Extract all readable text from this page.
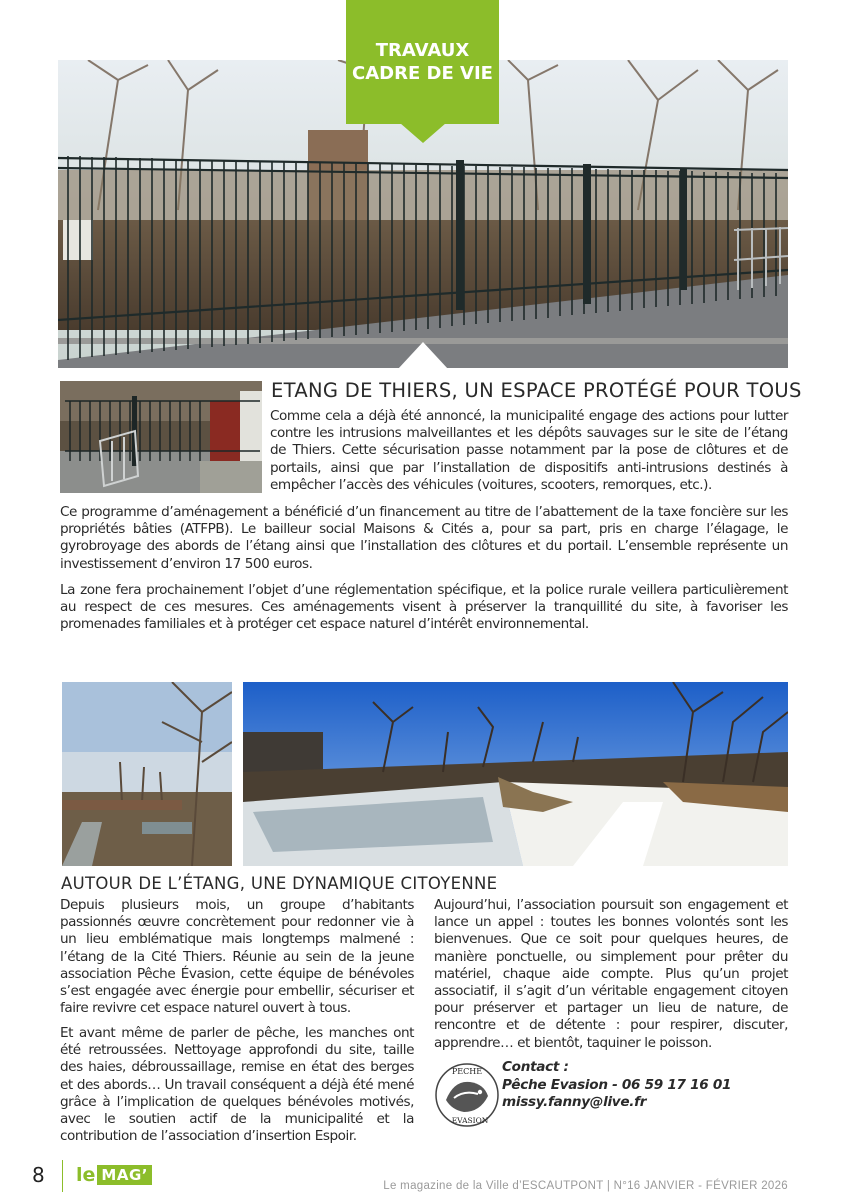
TRAVAUX
CADRE DE VIE
ETANG DE THIERS, UN ESPACE PROTÉGÉ POUR TOUS
Comme cela a déjà été annoncé, la municipalité engage des actions pour lutter contre les intrusions malveillantes et les dépôts sauvages sur le site de l’étang de Thiers. Cette sécurisation passe notamment par la pose de clôtures et de portails, ainsi que par l’installation de dispositifs anti-intrusions destinés à empêcher l’accès des véhicules (voitures, scooters, remorques, etc.).
Ce programme d’aménagement a bénéficié d’un financement au titre de l’abattement de la taxe foncière sur les propriétés bâties (ATFPB). Le bailleur social Maisons & Cités a, pour sa part, pris en charge l’élagage, le gyrobroyage des abords de l’étang ainsi que l’installation des clôtures et du portail. L’ensemble représente un investissement d’environ 17 500 euros.
La zone fera prochainement l’objet d’une réglementation spécifique, et la police rurale veillera particulièrement au respect de ces mesures. Ces aménagements visent à préserver la tranquillité du site, à favoriser les promenades familiales et à protéger cet espace naturel d’intérêt environnemental.
AUTOUR DE L’ÉTANG, UNE DYNAMIQUE CITOYENNE
Depuis plusieurs mois, un groupe d’habitants passionnés œuvre concrètement pour redonner vie à un lieu emblématique mais longtemps malmené : l’étang de la Cité Thiers. Réunie au sein de la jeune association Pêche Évasion, cette équipe de bénévoles s’est engagée avec énergie pour embellir, sécuriser et faire revivre cet espace naturel ouvert à tous.
Et avant même de parler de pêche, les manches ont été retroussées. Nettoyage approfondi du site, taille des haies, débroussaillage, remise en état des berges et des abords… Un travail conséquent a déjà été mené grâce à l’implication de quelques bénévoles motivés, avec le soutien actif de la municipalité et la contribution de l’association d’insertion Espoir.
Aujourd’hui, l’association poursuit son engagement et lance un appel : toutes les bonnes volontés sont les bienvenues. Que ce soit pour quelques heures, de manière ponctuelle, ou simplement pour prêter du matériel, chaque aide compte. Plus qu’un projet associatif, il s’agit d’un véritable engagement citoyen pour préserver et partager un lieu de nature, de rencontre et de détente : pour respirer, discuter, apprendre… et bientôt, taquiner le poisson.
PECHE
EVASION
Contact :
Pêche Evasion - 06 59 17 16 01
missy.fanny@live.fr
8 le MAG’
Le magazine de la Ville d’ESCAUTPONT | N°16 JANVIER - FÉVRIER 2026
